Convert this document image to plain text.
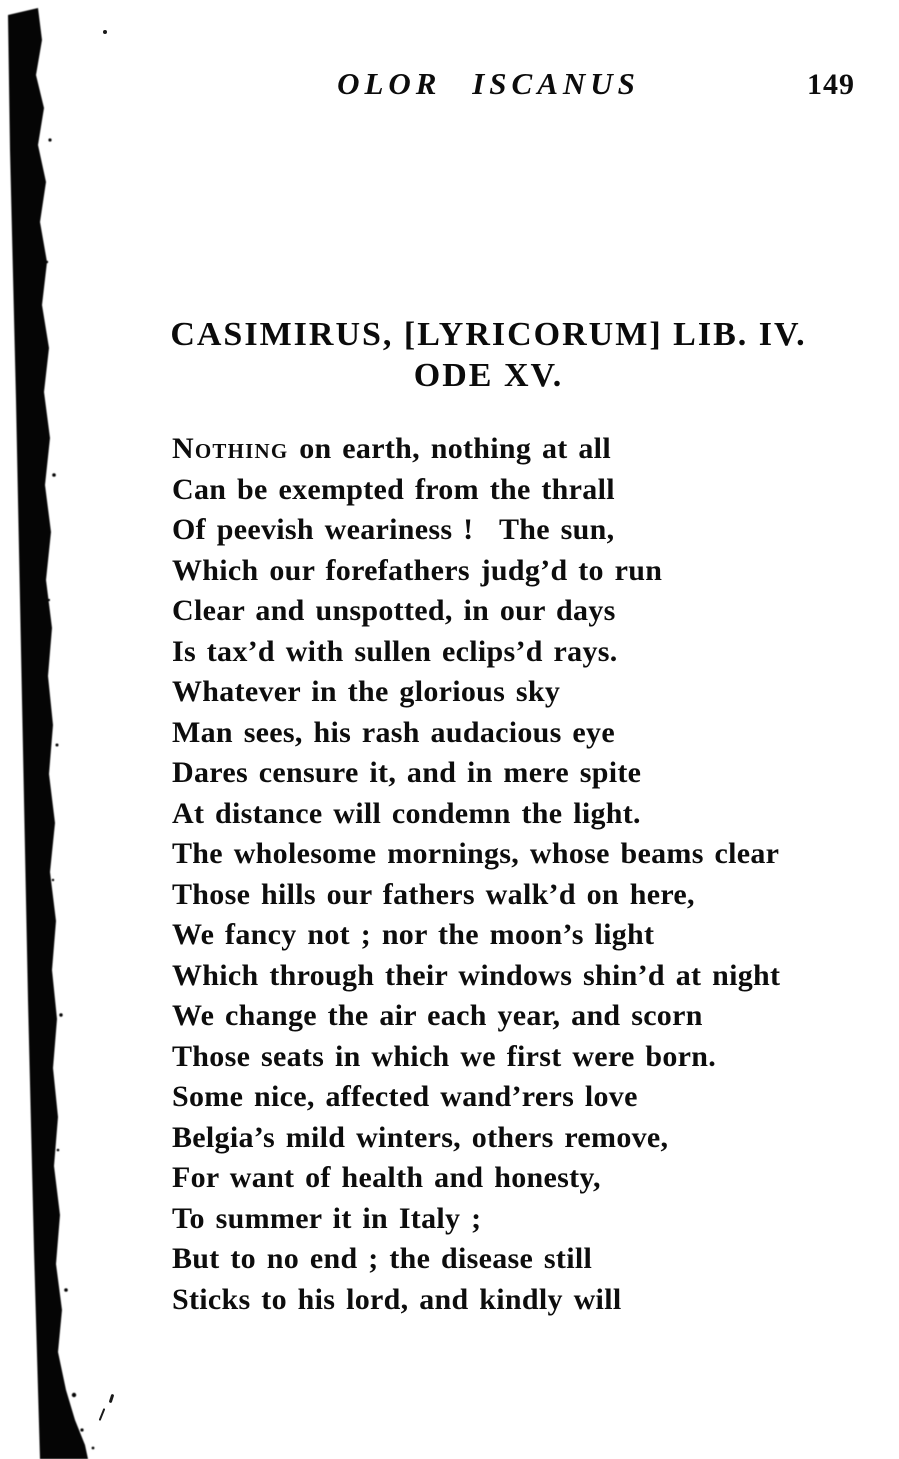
OLOR ISCANUS	149
CASIMIRUS, [LYRICORUM] LIB. IV.
ODE XV.
Nothing on earth, nothing at all
Can be exempted from the thrall
Of peevish weariness !  The sun,
Which our forefathers judg’d to run
Clear and unspotted, in our days
Is tax’d with sullen eclips’d rays.
Whatever in the glorious sky
Man sees, his rash audacious eye
Dares censure it, and in mere spite
At distance will condemn the light.
The wholesome mornings, whose beams clear
Those hills our fathers walk’d on here,
We fancy not ; nor the moon’s light
Which through their windows shin’d at night
We change the air each year, and scorn
Those seats in which we first were born.
Some nice, affected wand’rers love
Belgia’s mild winters, others remove,
For want of health and honesty,
To summer it in Italy ;
But to no end ; the disease still
Sticks to his lord, and kindly will
